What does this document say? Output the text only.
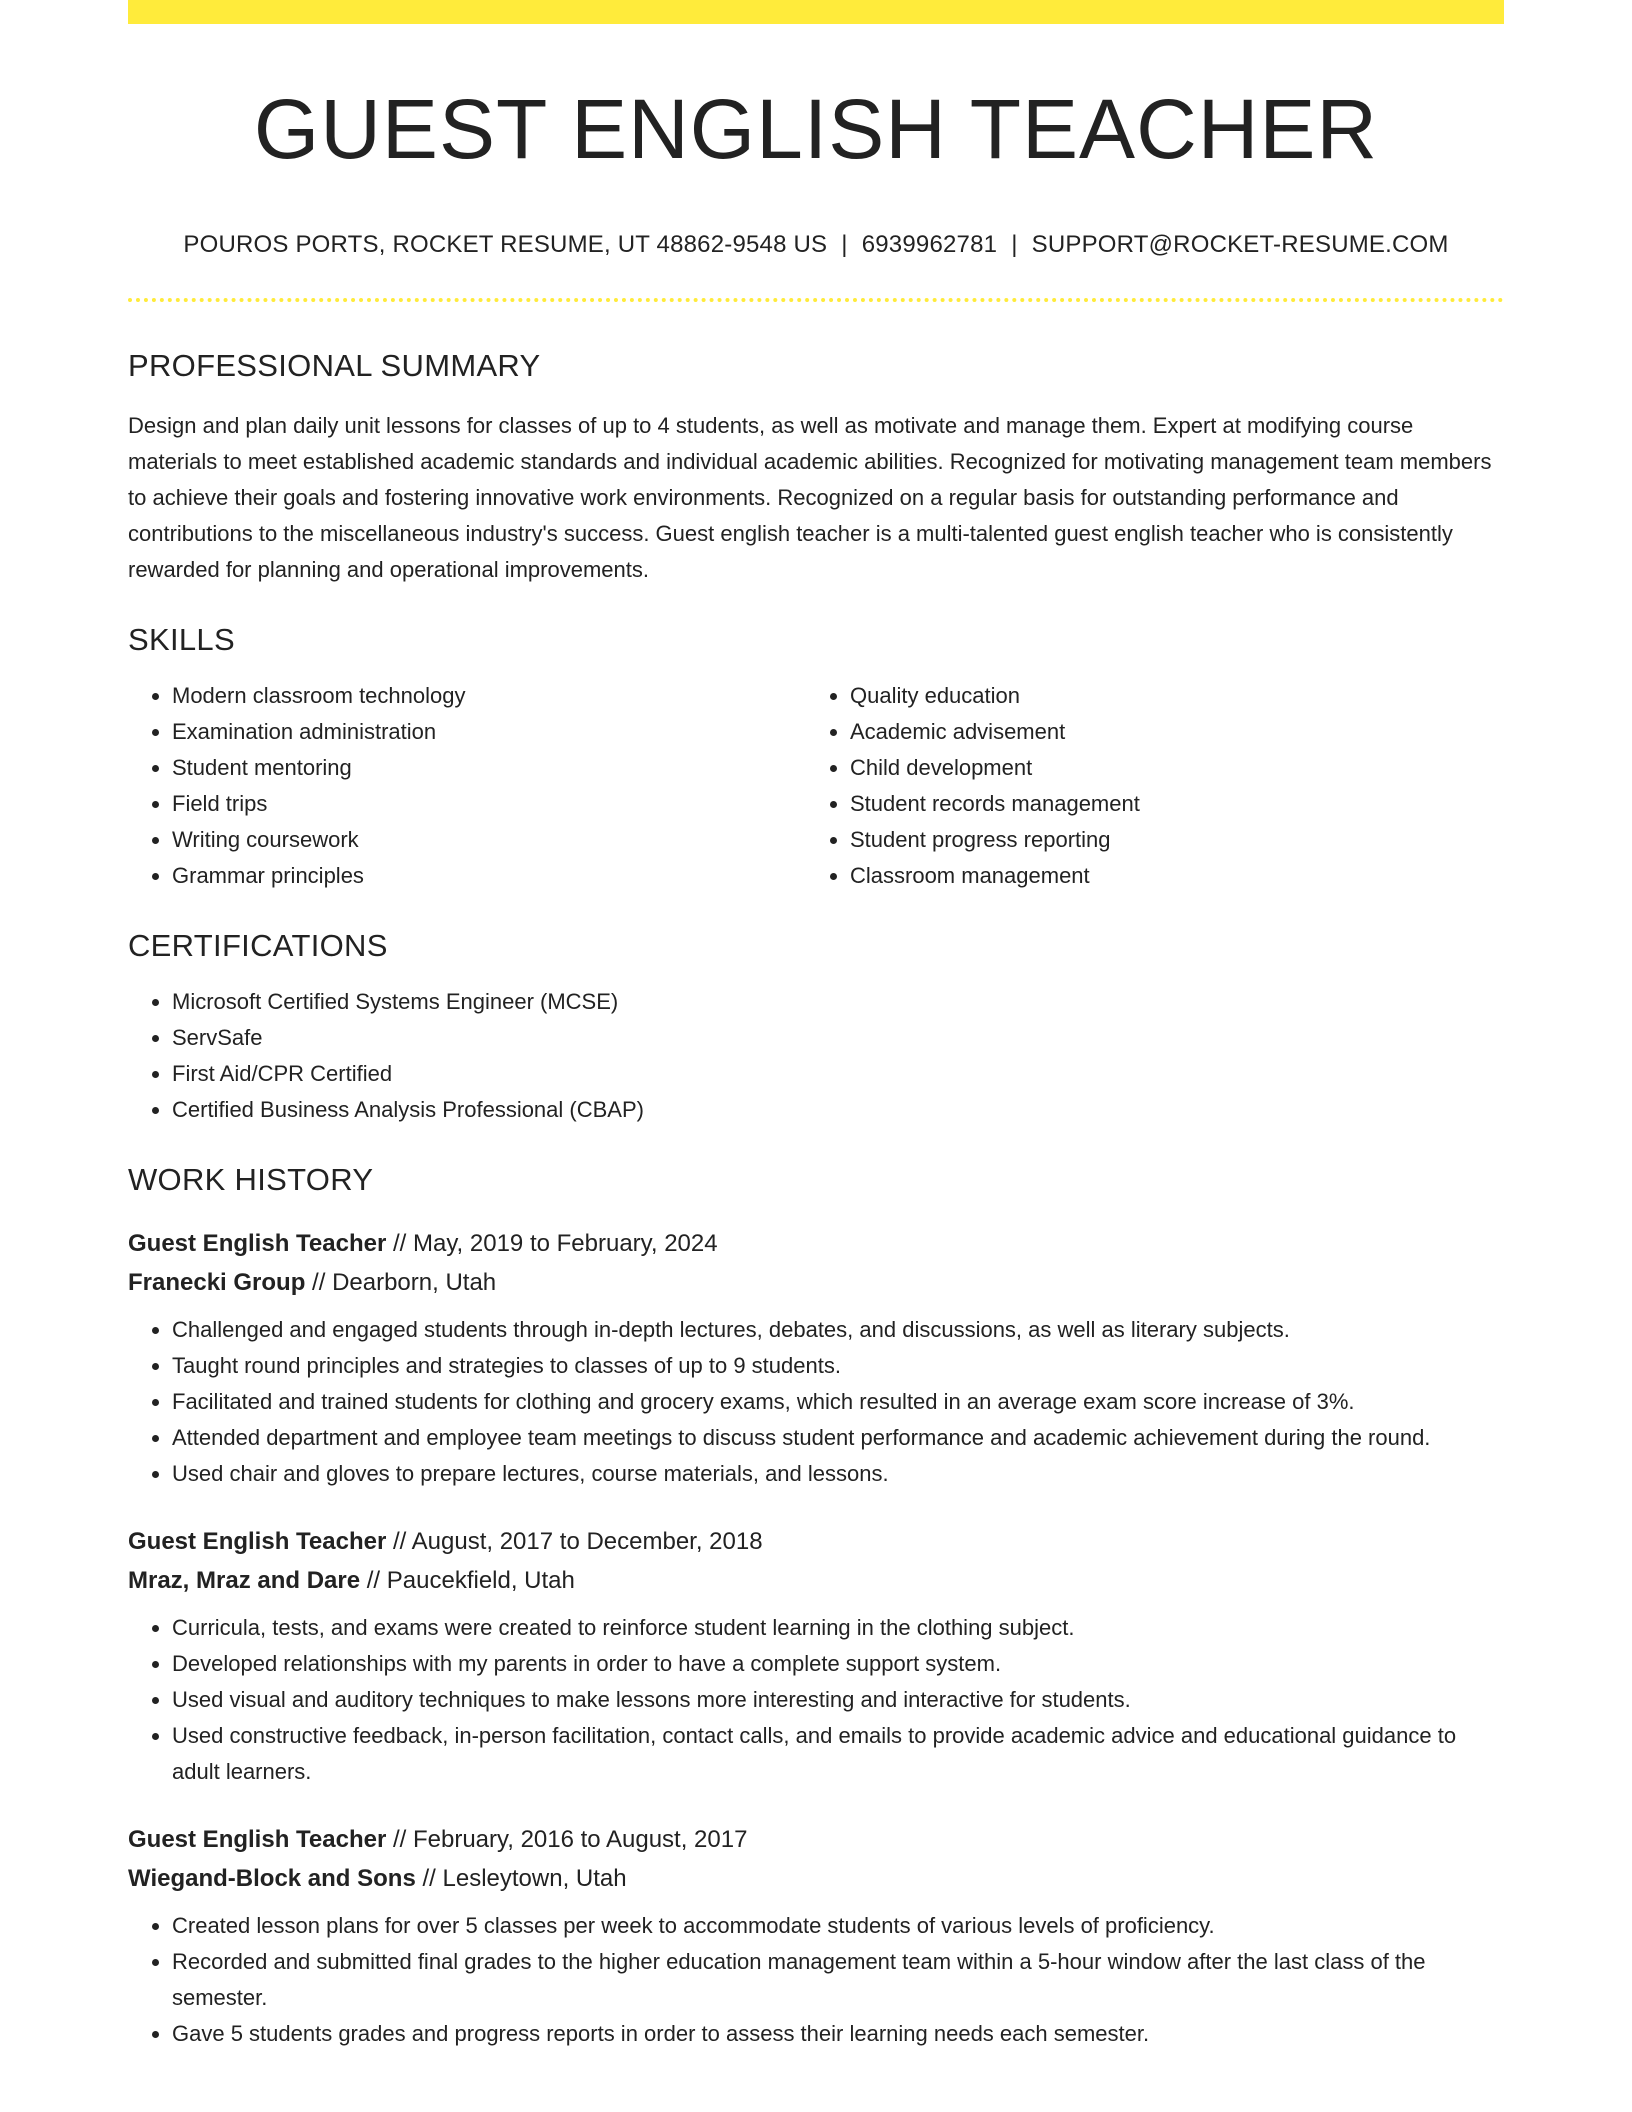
GUEST ENGLISH TEACHER
POUROS PORTS, ROCKET RESUME, UT 48862-9548 US | 6939962781 | SUPPORT@ROCKET-RESUME.COM
PROFESSIONAL SUMMARY

Design and plan daily unit lessons for classes of up to 4 students, as well as motivate and manage them. Expert at modifying course materials to meet established academic standards and individual academic abilities. Recognized for motivating management team members to achieve their goals and fostering innovative work environments. Recognized on a regular basis for outstanding performance and contributions to the miscellaneous industry's success. Guest english teacher is a multi-talented guest english teacher who is consistently rewarded for planning and operational improvements.

SKILLS
• Modern classroom technology
• Examination administration
• Student mentoring
• Field trips
• Writing coursework
• Grammar principles
• Quality education
• Academic advisement
• Child development
• Student records management
• Student progress reporting
• Classroom management
CERTIFICATIONS
• Microsoft Certified Systems Engineer (MCSE)
• ServSafe
• First Aid/CPR Certified
• Certified Business Analysis Professional (CBAP)
WORK HISTORY
Guest English Teacher // May, 2019 to February, 2024
Franecki Group // Dearborn, Utah
• Challenged and engaged students through in-depth lectures, debates, and discussions, as well as literary subjects.
• Taught round principles and strategies to classes of up to 9 students.
• Facilitated and trained students for clothing and grocery exams, which resulted in an average exam score increase of 3%.
• Attended department and employee team meetings to discuss student performance and academic achievement during the round.
• Used chair and gloves to prepare lectures, course materials, and lessons.
Guest English Teacher // August, 2017 to December, 2018
Mraz, Mraz and Dare // Paucekfield, Utah
• Curricula, tests, and exams were created to reinforce student learning in the clothing subject.
• Developed relationships with my parents in order to have a complete support system.
• Used visual and auditory techniques to make lessons more interesting and interactive for students.
• Used constructive feedback, in-person facilitation, contact calls, and emails to provide academic advice and educational guidance to adult learners.
Guest English Teacher // February, 2016 to August, 2017
Wiegand-Block and Sons // Lesleytown, Utah
• Created lesson plans for over 5 classes per week to accommodate students of various levels of proficiency.
• Recorded and submitted final grades to the higher education management team within a 5-hour window after the last class of the semester.
• Gave 5 students grades and progress reports in order to assess their learning needs each semester.
